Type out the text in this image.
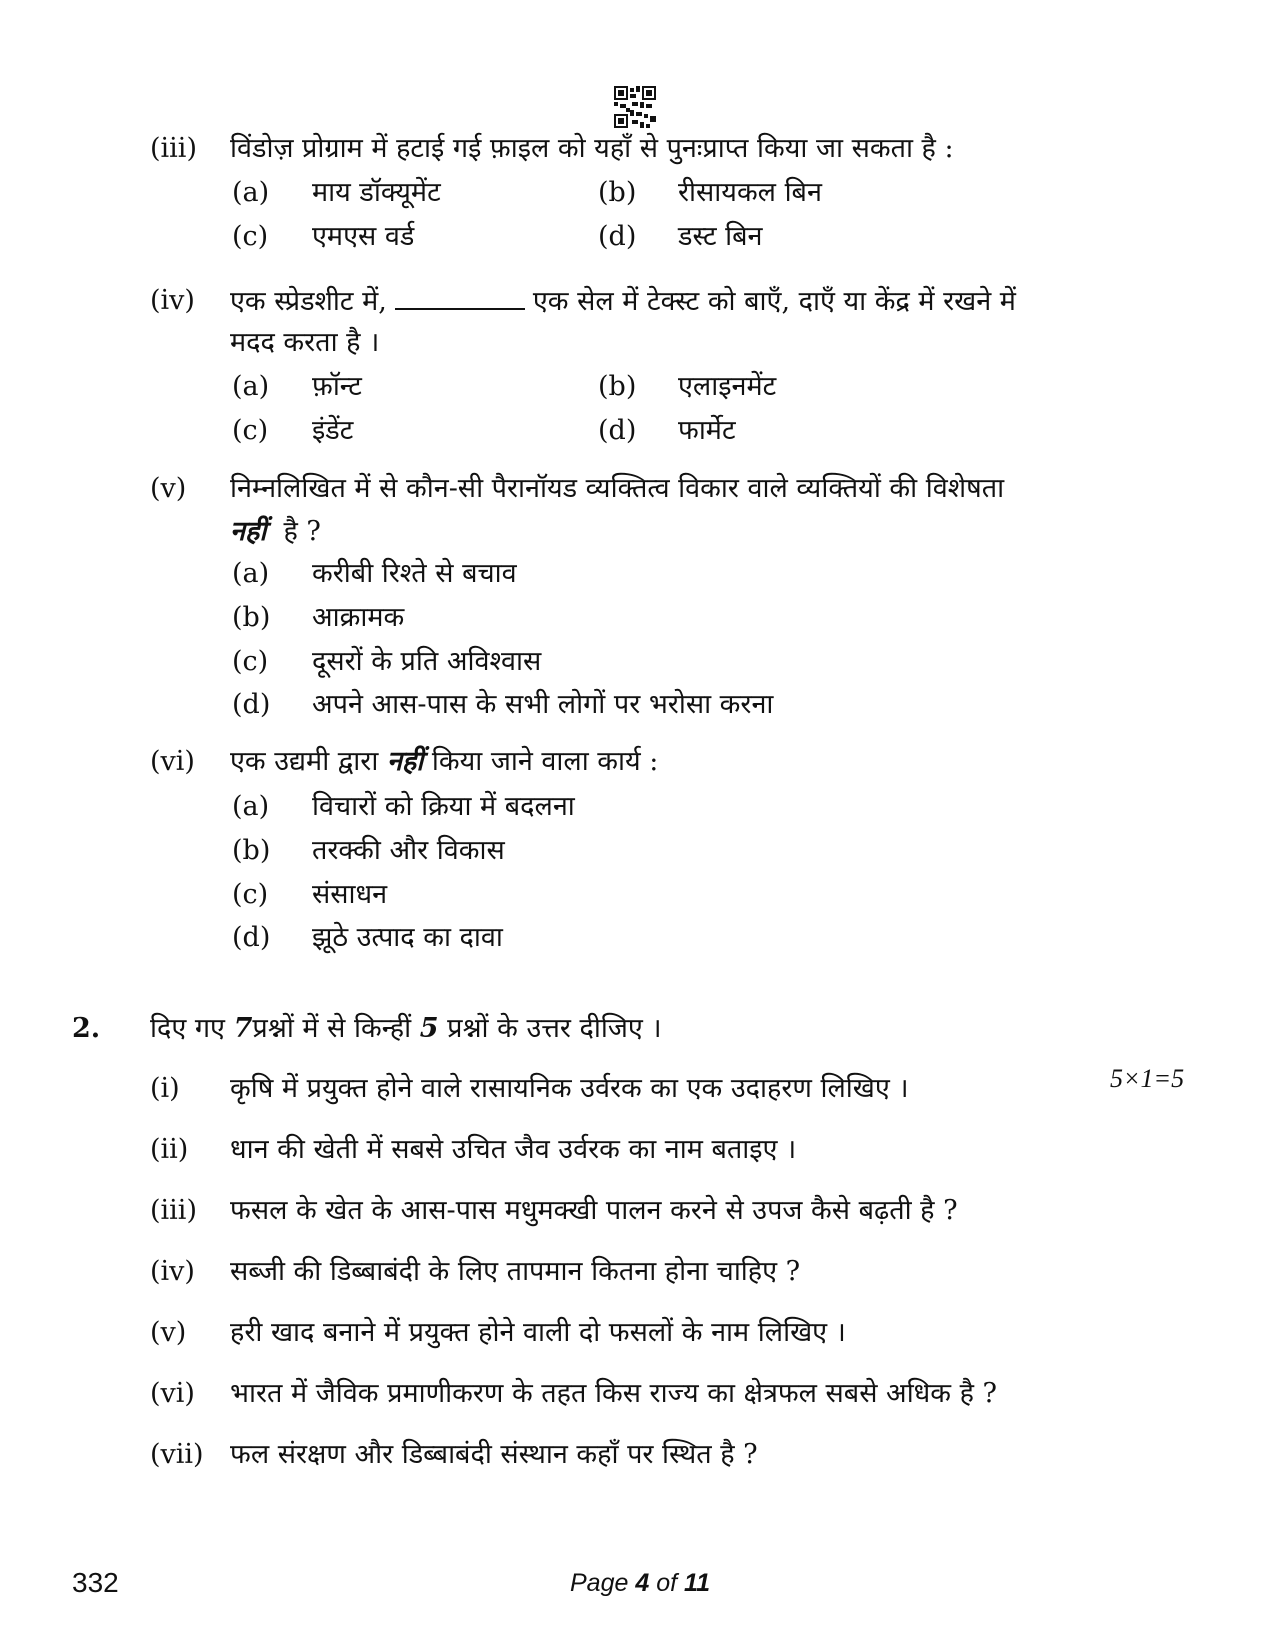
(iii) विंडोज़ प्रोग्राम में हटाई गई फ़ाइल को यहाँ से पुनःप्राप्त किया जा सकता है :
(a) माय डॉक्यूमेंट	(b) रीसायकल बिन
(c) एमएस वर्ड	(d) डस्ट बिन
(iv) एक स्प्रेडशीट में,	एक सेल में टेक्स्ट को बाएँ, दाएँ या केंद्र में रखने में
मदद करता है ।
(a) फ़ॉन्ट	(b) एलाइनमेंट
(c) इंडेंट	(d) फार्मेट
(v) निम्नलिखित में से कौन-सी पैरानॉयड व्यक्तित्व विकार वाले व्यक्तियों की विशेषता
नहीं है ?
(a) करीबी रिश्ते से बचाव
(b) आक्रामक
(c) दूसरों के प्रति अविश्वास
(d) अपने आस-पास के सभी लोगों पर भरोसा करना
(vi) एक उद्यमी द्वारा नहीं किया जाने वाला कार्य :
(a) विचारों को क्रिया में बदलना
(b) तरक्की और विकास
(c) संसाधन
(d) झूठे उत्पाद का दावा
2. दिए गए 7प्रश्नों में से किन्हीं 5 प्रश्नों के उत्तर दीजिए ।
5×1=5
(i) कृषि में प्रयुक्त होने वाले रासायनिक उर्वरक का एक उदाहरण लिखिए ।
(ii) धान की खेती में सबसे उचित जैव उर्वरक का नाम बताइए ।
(iii) फसल के खेत के आस-पास मधुमक्खी पालन करने से उपज कैसे बढ़ती है ?
(iv) सब्जी की डिब्बाबंदी के लिए तापमान कितना होना चाहिए ?
(v) हरी खाद बनाने में प्रयुक्त होने वाली दो फसलों के नाम लिखिए ।
(vi) भारत में जैविक प्रमाणीकरण के तहत किस राज्य का क्षेत्रफल सबसे अधिक है ?
(vii) फल संरक्षण और डिब्बाबंदी संस्थान कहाँ पर स्थित है ?
332	Page 4 of 11
